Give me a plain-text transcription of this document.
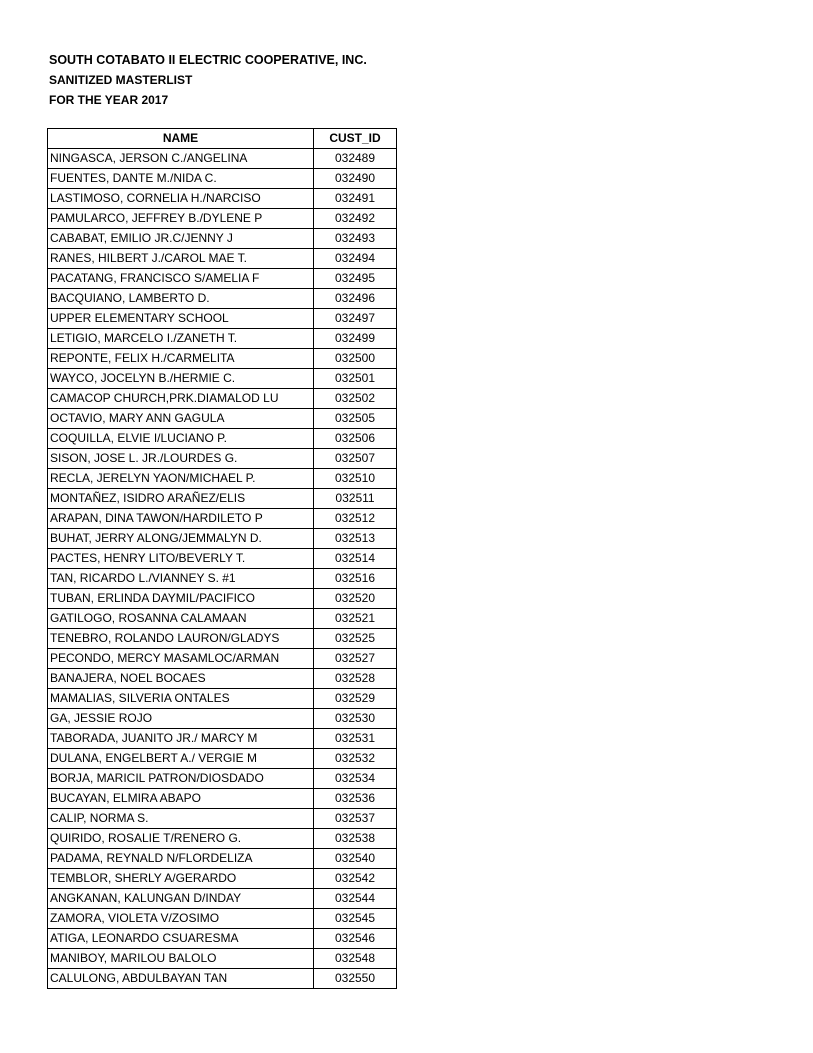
SOUTH COTABATO II ELECTRIC COOPERATIVE, INC.
SANITIZED MASTERLIST
FOR THE YEAR 2017
NAME	CUST_ID
NINGASCA, JERSON C./ANGELINA	032489
FUENTES, DANTE M./NIDA C.	032490
LASTIMOSO, CORNELIA H./NARCISO	032491
PAMULARCO, JEFFREY B./DYLENE P	032492
CABABAT, EMILIO JR.C/JENNY J	032493
RANES, HILBERT J./CAROL MAE T.	032494
PACATANG, FRANCISCO S/AMELIA F	032495
BACQUIANO, LAMBERTO D.	032496
UPPER ELEMENTARY SCHOOL	032497
LETIGIO, MARCELO I./ZANETH T.	032499
REPONTE, FELIX H./CARMELITA	032500
WAYCO, JOCELYN B./HERMIE C.	032501
CAMACOP CHURCH,PRK.DIAMALOD LU	032502
OCTAVIO, MARY ANN GAGULA	032505
COQUILLA, ELVIE I/LUCIANO P.	032506
SISON, JOSE L. JR./LOURDES G.	032507
RECLA, JERELYN YAON/MICHAEL P.	032510
MONTAÑEZ, ISIDRO ARAÑEZ/ELIS	032511
ARAPAN, DINA TAWON/HARDILETO P	032512
BUHAT, JERRY ALONG/JEMMALYN D.	032513
PACTES, HENRY LITO/BEVERLY T.	032514
TAN, RICARDO L./VIANNEY S. #1	032516
TUBAN, ERLINDA DAYMIL/PACIFICO	032520
GATILOGO, ROSANNA CALAMAAN	032521
TENEBRO, ROLANDO LAURON/GLADYS	032525
PECONDO, MERCY MASAMLOC/ARMAN	032527
BANAJERA, NOEL BOCAES	032528
MAMALIAS, SILVERIA ONTALES	032529
GA, JESSIE ROJO	032530
TABORADA, JUANITO JR./ MARCY M	032531
DULANA, ENGELBERT A./ VERGIE M	032532
BORJA, MARICIL PATRON/DIOSDADO	032534
BUCAYAN, ELMIRA ABAPO	032536
CALIP, NORMA S.	032537
QUIRIDO, ROSALIE T/RENERO G.	032538
PADAMA, REYNALD N/FLORDELIZA	032540
TEMBLOR, SHERLY A/GERARDO	032542
ANGKANAN, KALUNGAN D/INDAY	032544
ZAMORA, VIOLETA V/ZOSIMO	032545
ATIGA, LEONARDO CSUARESMA	032546
MANIBOY, MARILOU BALOLO	032548
CALULONG, ABDULBAYAN TAN	032550
